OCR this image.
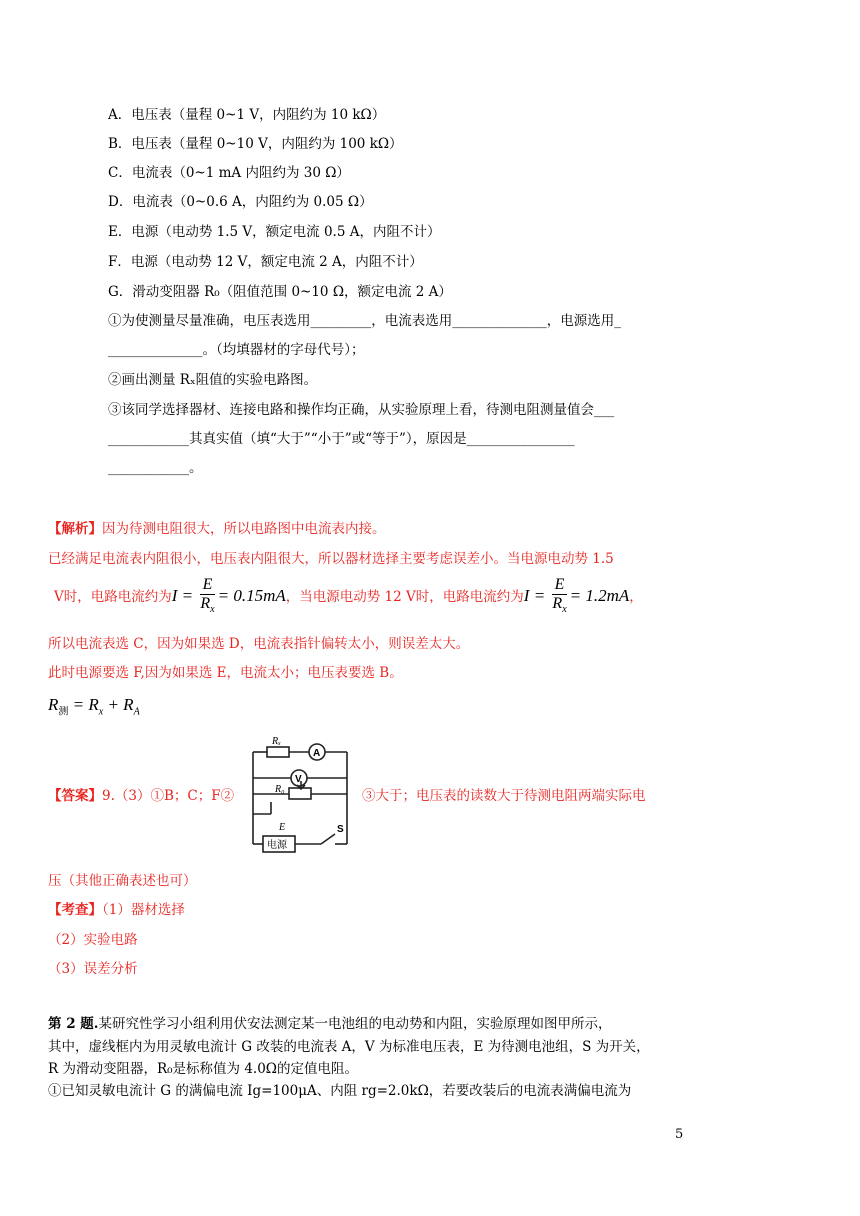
A．电压表（量程 0~1 V，内阻约为 10 kΩ）
B．电压表（量程 0~10 V，内阻约为 100 kΩ）
C．电流表（0~1 mA 内阻约为 30 Ω）
D．电流表（0~0.6 A，内阻约为 0.05 Ω）
E．电源（电动势 1.5 V，额定电流 0.5 A，内阻不计）
F．电源（电动势 12 V，额定电流 2 A，内阻不计）
G．滑动变阻器 R₀（阻值范围 0~10 Ω，额定电流 2 A）
①为使测量尽量准确，电压表选用_________，电流表选用______________，电源选用_
______________。（均填器材的字母代号）；
②画出测量 Rₓ阻值的实验电路图。
③该同学选择器材、连接电路和操作均正确，从实验原理上看，待测电阻测量值会___
____________其真实值（填“大于”“小于”或“等于”），原因是________________
____________。
【解析】因为待测电阻很大，所以电路图中电流表内接。
已经满足电流表内阻很小，电压表内阻很大，所以器材选择主要考虑误差小。当电源电动势 1.5
V时，电路电流约为$I = \frac{E}{R_x} = 0.15mA$，当电源电动势 12 V时，电路电流约为$I = \frac{E}{R_x} = 1.2mA$，
所以电流表选 C，因为如果选 D，电流表指针偏转太小，则误差太大。
此时电源要选 F,因为如果选 E，电流太小；电压表要选 B。
$R_测 = R_x + R_A$
【答案】9.（3）①B；C；F②	③大于；电压表的读数大于待测电阻两端实际电
Rₓ
A
V
R₀
E	S
电源
压（其他正确表述也可）
【考查】（1）器材选择
（2）实验电路
（3）误差分析
第 2 题.某研究性学习小组利用伏安法测定某一电池组的电动势和内阻，实验原理如图甲所示，
其中，虚线框内为用灵敏电流计 G 改装的电流表 A，V 为标准电压表，E 为待测电池组，S 为开关，
R 为滑动变阻器，R₀是标称值为 4.0Ω的定值电阻。
①已知灵敏电流计 G 的满偏电流 Ig=100μA、内阻 rg=2.0kΩ，若要改装后的电流表满偏电流为
5
